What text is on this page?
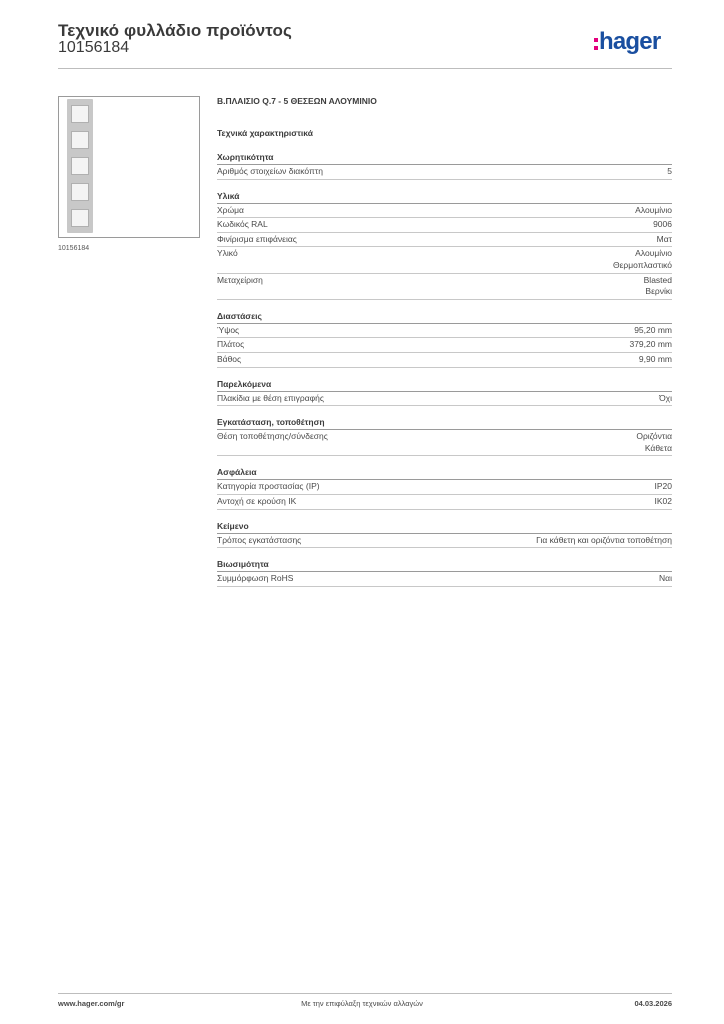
Τεχνικό φυλλάδιο προϊόντος
10156184	hager
10156184
Β.ΠΛΑΙΣΙΟ Q.7 - 5 ΘΕΣΕΩΝ ΑΛΟΥΜΙΝΙΟ
Τεχνικά χαρακτηριστικά
Χωρητικότητα
Αριθμός στοιχείων διακόπτη	5
Υλικά
Χρώμα	Αλουμίνιο
Κωδικός RAL	9006
Φινίρισμα επιφάνειας	Ματ
Υλικό	Αλουμίνιο
Θερμοπλαστικό
Μεταχείριση	Blasted
Βερνίκι
Διαστάσεις
Ύψος	95,20 mm
Πλάτος	379,20 mm
Βάθος	9,90 mm
Παρελκόμενα
Πλακίδια με θέση επιγραφής	Όχι
Εγκατάσταση, τοποθέτηση
Θέση τοποθέτησης/σύνδεσης	Οριζόντια
Κάθετα
Ασφάλεια
Κατηγορία προστασίας (IP)	IP20
Αντοχή σε κρούση IK	IK02
Κείμενο
Τρόπος εγκατάστασης	Για κάθετη και οριζόντια τοποθέτηση
Βιωσιμότητα
Συμμόρφωση RoHS	Ναι
www.hager.com/gr	Με την επιφύλαξη τεχνικών αλλαγών	04.03.2026
